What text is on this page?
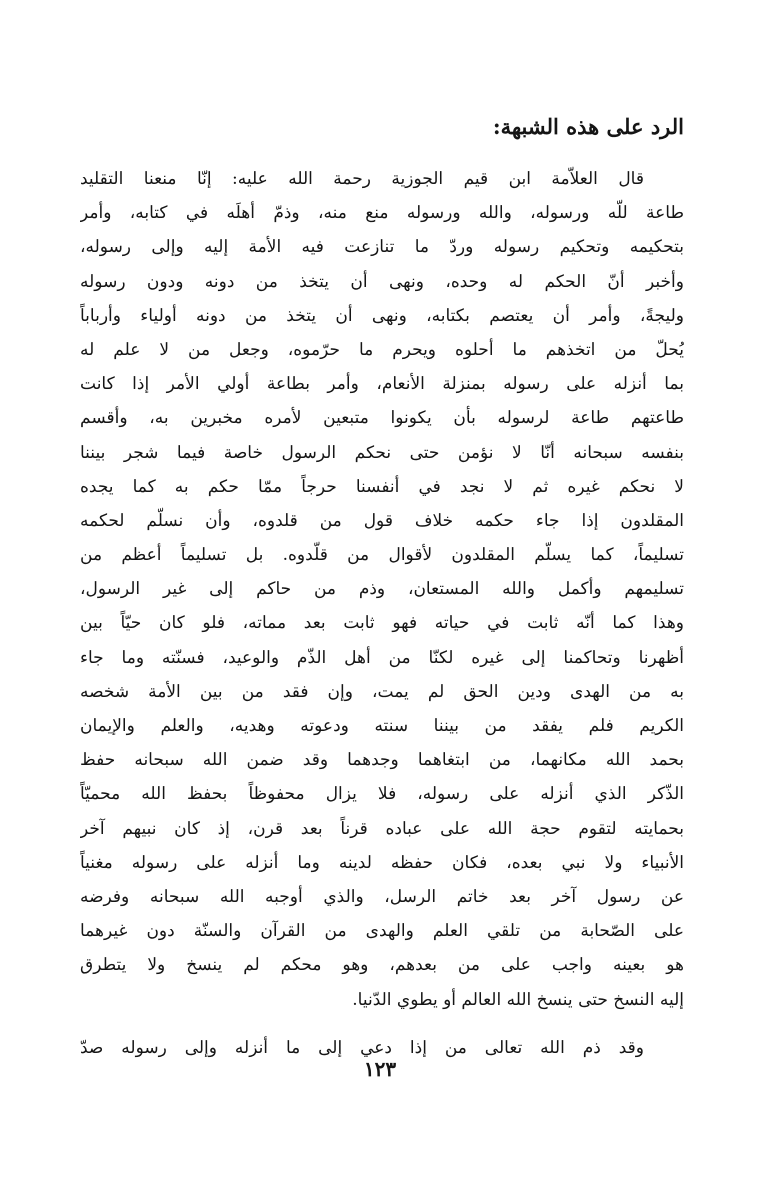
الرد على هذه الشبهة:
قال العلاّمة ابن قيم الجوزية رحمة الله عليه: إنّا منعنا التقليد
طاعة للّه ورسوله، والله ورسوله منع منه، وذمّ أهلَه في كتابه، وأمر
بتحكيمه وتحكيم رسوله وردّ ما تنازعت فيه الأمة إليه وإلى رسوله،
وأخبر أنّ الحكم له وحده، ونهى أن يتخذ من دونه ودون رسوله
وليجةً، وأمر أن يعتصم بكتابه، ونهى أن يتخذ من دونه أولياء وأرباباً
يُحلّ من اتخذهم ما أحلوه ويحرم ما حرّموه، وجعل من لا علم له
بما أنزله على رسوله بمنزلة الأنعام، وأمر بطاعة أولي الأمر إذا كانت
طاعتهم طاعة لرسوله بأن يكونوا متبعين لأمره مخبرين به، وأقسم
بنفسه سبحانه أنّا لا نؤمن حتى نحكم الرسول خاصة فيما شجر بيننا
لا نحكم غيره ثم لا نجد في أنفسنا حرجاً ممّا حكم به كما يجده
المقلدون إذا جاء حكمه خلاف قول من قلدوه، وأن نسلّم لحكمه
تسليماً، كما يسلّم المقلدون لأقوال من قلّدوه. بل تسليماً أعظم من
تسليمهم وأكمل والله المستعان، وذم من حاكم إلى غير الرسول،
وهذا كما أنّه ثابت في حياته فهو ثابت بعد مماته، فلو كان حيّاً بين
أظهرنا وتحاكمنا إلى غيره لكنّا من أهل الذّم والوعيد، فسنّته وما جاء
به من الهدى ودين الحق لم يمت، وإن فقد من بين الأمة شخصه
الكريم فلم يفقد من بيننا سنته ودعوته وهديه، والعلم والإيمان
بحمد الله مكانهما، من ابتغاهما وجدهما وقد ضمن الله سبحانه حفظ
الذّكر الذي أنزله على رسوله، فلا يزال محفوظاً بحفظ الله محميّاً
بحمايته لتقوم حجة الله على عباده قرناً بعد قرن، إذ كان نبيهم آخر
الأنبياء ولا نبي بعده، فكان حفظه لدينه وما أنزله على رسوله مغنياً
عن رسول آخر بعد خاتم الرسل، والذي أوجبه الله سبحانه وفرضه
على الصّحابة من تلقي العلم والهدى من القرآن والسنّة دون غيرهما
هو بعينه واجب على من بعدهم، وهو محكم لم ينسخ ولا يتطرق
إليه النسخ حتى ينسخ الله العالم أو يطوي الدّنيا.
وقد ذم الله تعالى من إذا دعي إلى ما أنزله وإلى رسوله صدّ
١٢٣
